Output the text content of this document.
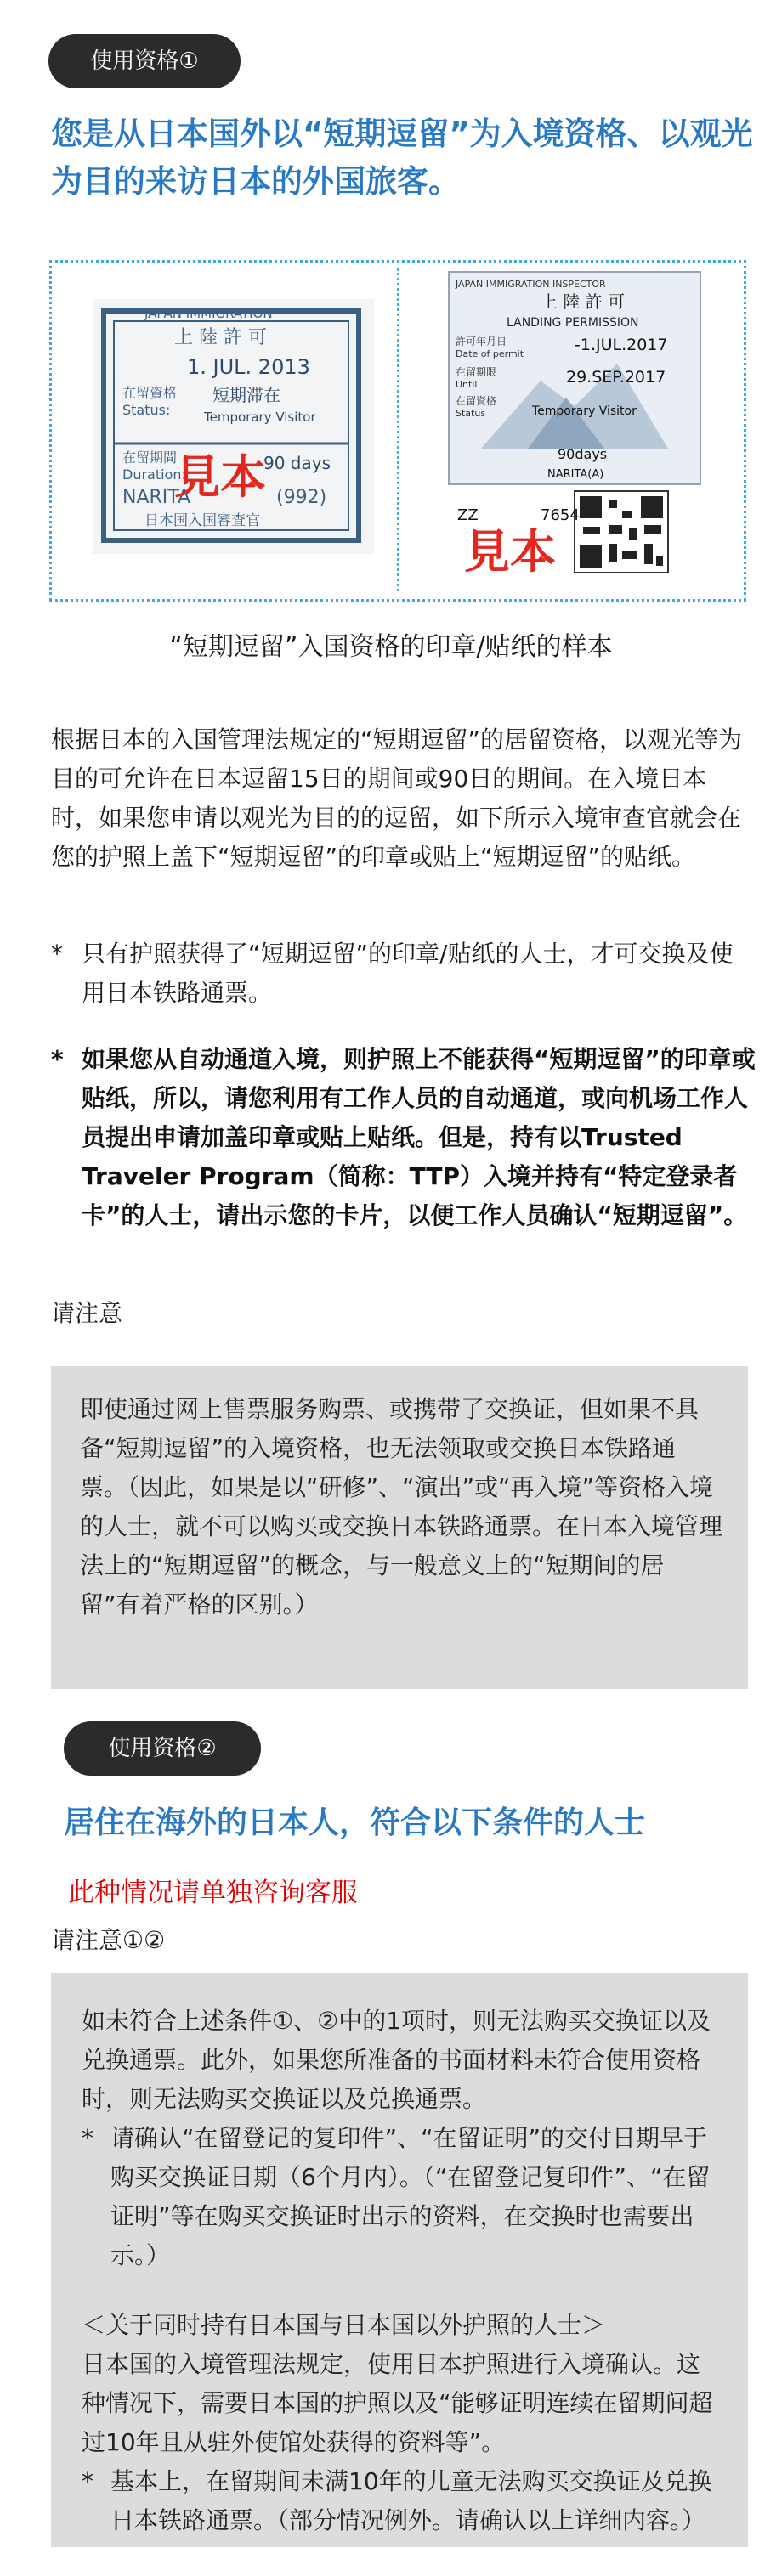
使用资格①
您是从日本国外以“短期逗留”为入境资格、以观光为目的来访日本的外国旅客。
JAPAN IMMIGRATION
上 陸 許 可
1. JUL. 2013
在留資格
Status:
短期滞在
Temporary Visitor
在留期間
Duration:
90 days
NARITA	(992)
日本国入国審査官
見本
JAPAN IMMIGRATION INSPECTOR
上 陸 許 可
LANDING PERMISSION
許可年月日
Date of permit	-1.JUL.2017
在留期限
Until	29.SEP.2017
在留資格
Status	Temporary Visitor
90days
NARITA(A)
ZZ	7654
見本
“短期逗留”入国资格的印章/贴纸的样本
根据日本的入国管理法规定的“短期逗留”的居留资格，以观光等为目的可允许在日本逗留15日的期间或90日的期间。在入境日本时，如果您申请以观光为目的的逗留，如下所示入境审查官就会在您的护照上盖下“短期逗留”的印章或贴上“短期逗留”的贴纸。
* 只有护照获得了“短期逗留”的印章/贴纸的人士，才可交换及使用日本铁路通票。
* 如果您从自动通道入境，则护照上不能获得“短期逗留”的印章或贴纸，所以，请您利用有工作人员的自动通道，或向机场工作人员提出申请加盖印章或贴上贴纸。但是，持有以Trusted Traveler Program（简称：TTP）入境并持有“特定登录者卡”的人士，请出示您的卡片，以便工作人员确认“短期逗留”。
请注意
即使通过网上售票服务购票、或携带了交换证，但如果不具备“短期逗留”的入境资格，也无法领取或交换日本铁路通票。（因此，如果是以“研修”、“演出”或“再入境”等资格入境的人士，就不可以购买或交换日本铁路通票。在日本入境管理法上的“短期逗留”的概念，与一般意义上的“短期间的居留”有着严格的区别。）
使用资格②
居住在海外的日本人，符合以下条件的人士
此种情况请单独咨询客服
请注意①②
如未符合上述条件①、②中的1项时，则无法购买交换证以及兑换通票。此外，如果您所准备的书面材料未符合使用资格时，则无法购买交换证以及兑换通票。
* 请确认“在留登记的复印件”、“在留证明”的交付日期早于购买交换证日期（6个月内）。（“在留登记复印件”、“在留证明”等在购买交换证时出示的资料，在交换时也需要出示。）
＜关于同时持有日本国与日本国以外护照的人士＞
日本国的入境管理法规定，使用日本护照进行入境确认。这种情况下，需要日本国的护照以及“能够证明连续在留期间超过10年且从驻外使馆处获得的资料等”。
* 基本上，在留期间未满10年的儿童无法购买交换证及兑换日本铁路通票。（部分情况例外。请确认以上详细内容。）
